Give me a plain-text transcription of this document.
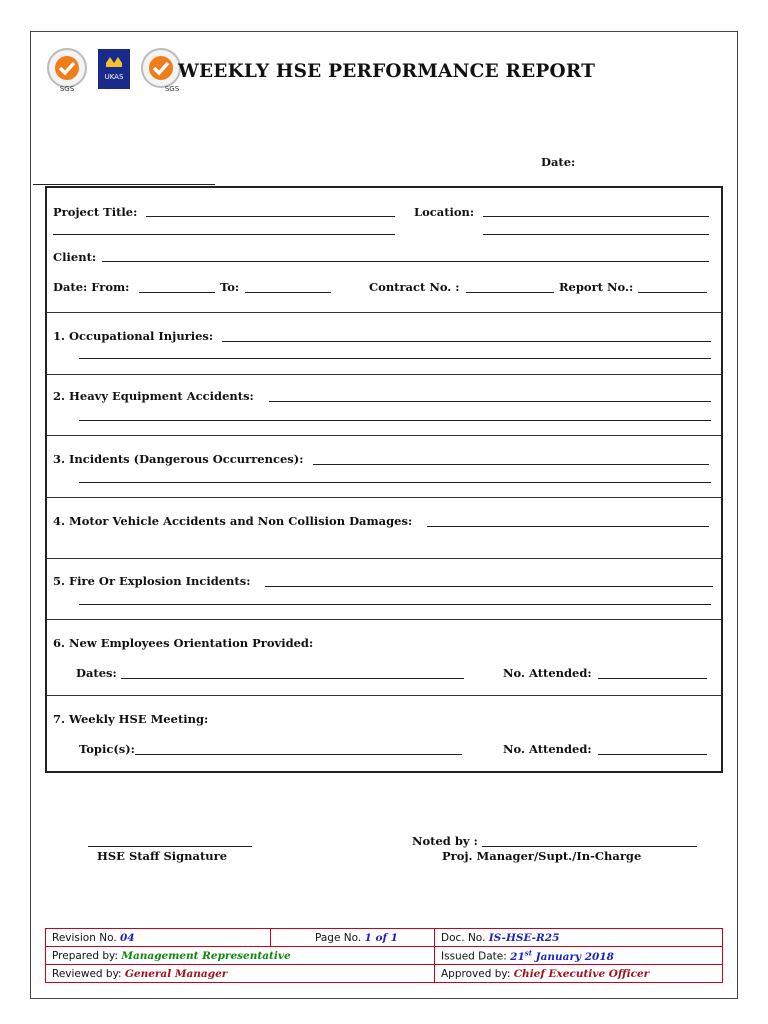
SGS
UKAS
SGS
WEEKLY HSE PERFORMANCE REPORT
Date:
Project Title:	Location:
Client:
Date: From:	To:	Contract No. :	Report No.:
1. Occupational Injuries:
2. Heavy Equipment Accidents:
3. Incidents (Dangerous Occurrences):
4. Motor Vehicle Accidents and Non Collision Damages:
5. Fire Or Explosion Incidents:
6. New Employees Orientation Provided:
Dates:	No. Attended:
7. Weekly HSE Meeting:
Topic(s):	No. Attended:
HSE Staff Signature
Noted by :
Proj. Manager/Supt./In-Charge
Revision No. 04	Page No. 1 of 1	Doc. No. IS-HSE-R25
Prepared by: Management Representative		Issued Date: 21st January 2018
Reviewed by: General Manager		Approved by: Chief Executive Officer
